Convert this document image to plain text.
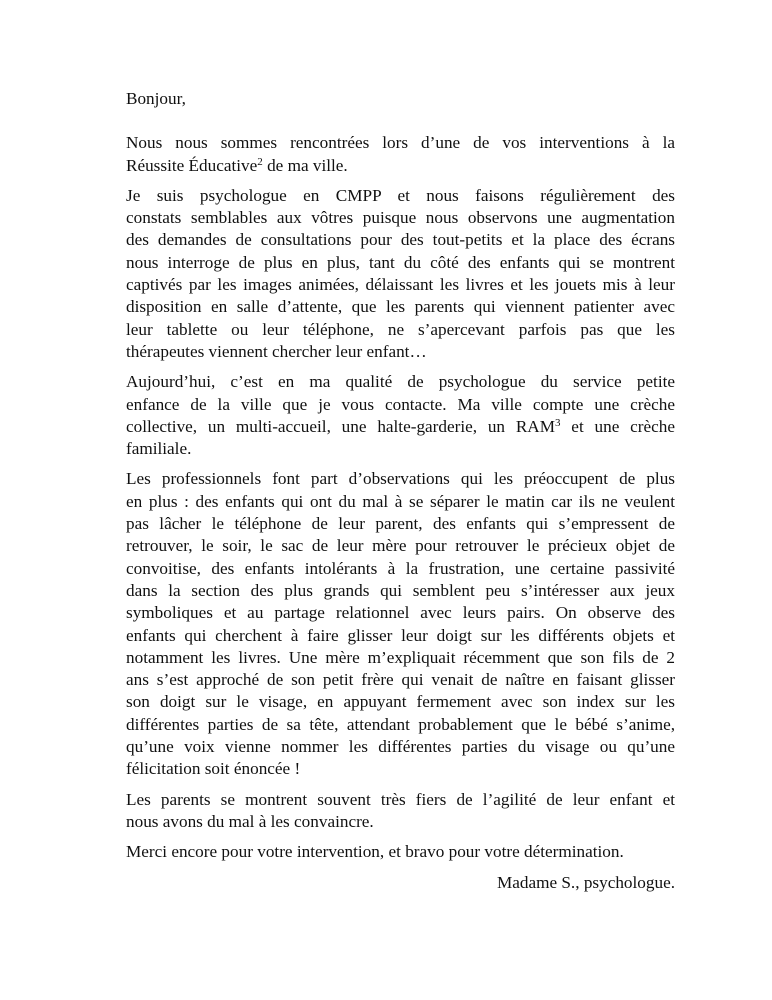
Bonjour,
Nous nous sommes rencontrées lors d’une de vos interventions à la
Réussite Éducative$^2$ de ma ville.
Je suis psychologue en CMPP et nous faisons régulièrement des
constats semblables aux vôtres puisque nous observons une augmentation
des demandes de consultations pour des tout-petits et la place des écrans
nous interroge de plus en plus, tant du côté des enfants qui se montrent
captivés par les images animées, délaissant les livres et les jouets mis à leur
disposition en salle d’attente, que les parents qui viennent patienter avec
leur tablette ou leur téléphone, ne s’apercevant parfois pas que les
thérapeutes viennent chercher leur enfant…
Aujourd’hui, c’est en ma qualité de psychologue du service petite
enfance de la ville que je vous contacte. Ma ville compte une crèche
collective, un multi-accueil, une halte-garderie, un RAM$^3$ et une crèche
familiale.
Les professionnels font part d’observations qui les préoccupent de plus
en plus : des enfants qui ont du mal à se séparer le matin car ils ne veulent
pas lâcher le téléphone de leur parent, des enfants qui s’empressent de
retrouver, le soir, le sac de leur mère pour retrouver le précieux objet de
convoitise, des enfants intolérants à la frustration, une certaine passivité
dans la section des plus grands qui semblent peu s’intéresser aux jeux
symboliques et au partage relationnel avec leurs pairs. On observe des
enfants qui cherchent à faire glisser leur doigt sur les différents objets et
notamment les livres. Une mère m’expliquait récemment que son fils de 2
ans s’est approché de son petit frère qui venait de naître en faisant glisser
son doigt sur le visage, en appuyant fermement avec son index sur les
différentes parties de sa tête, attendant probablement que le bébé s’anime,
qu’une voix vienne nommer les différentes parties du visage ou qu’une
félicitation soit énoncée !
Les parents se montrent souvent très fiers de l’agilité de leur enfant et
nous avons du mal à les convaincre.
Merci encore pour votre intervention, et bravo pour votre détermination.
Madame S., psychologue.
